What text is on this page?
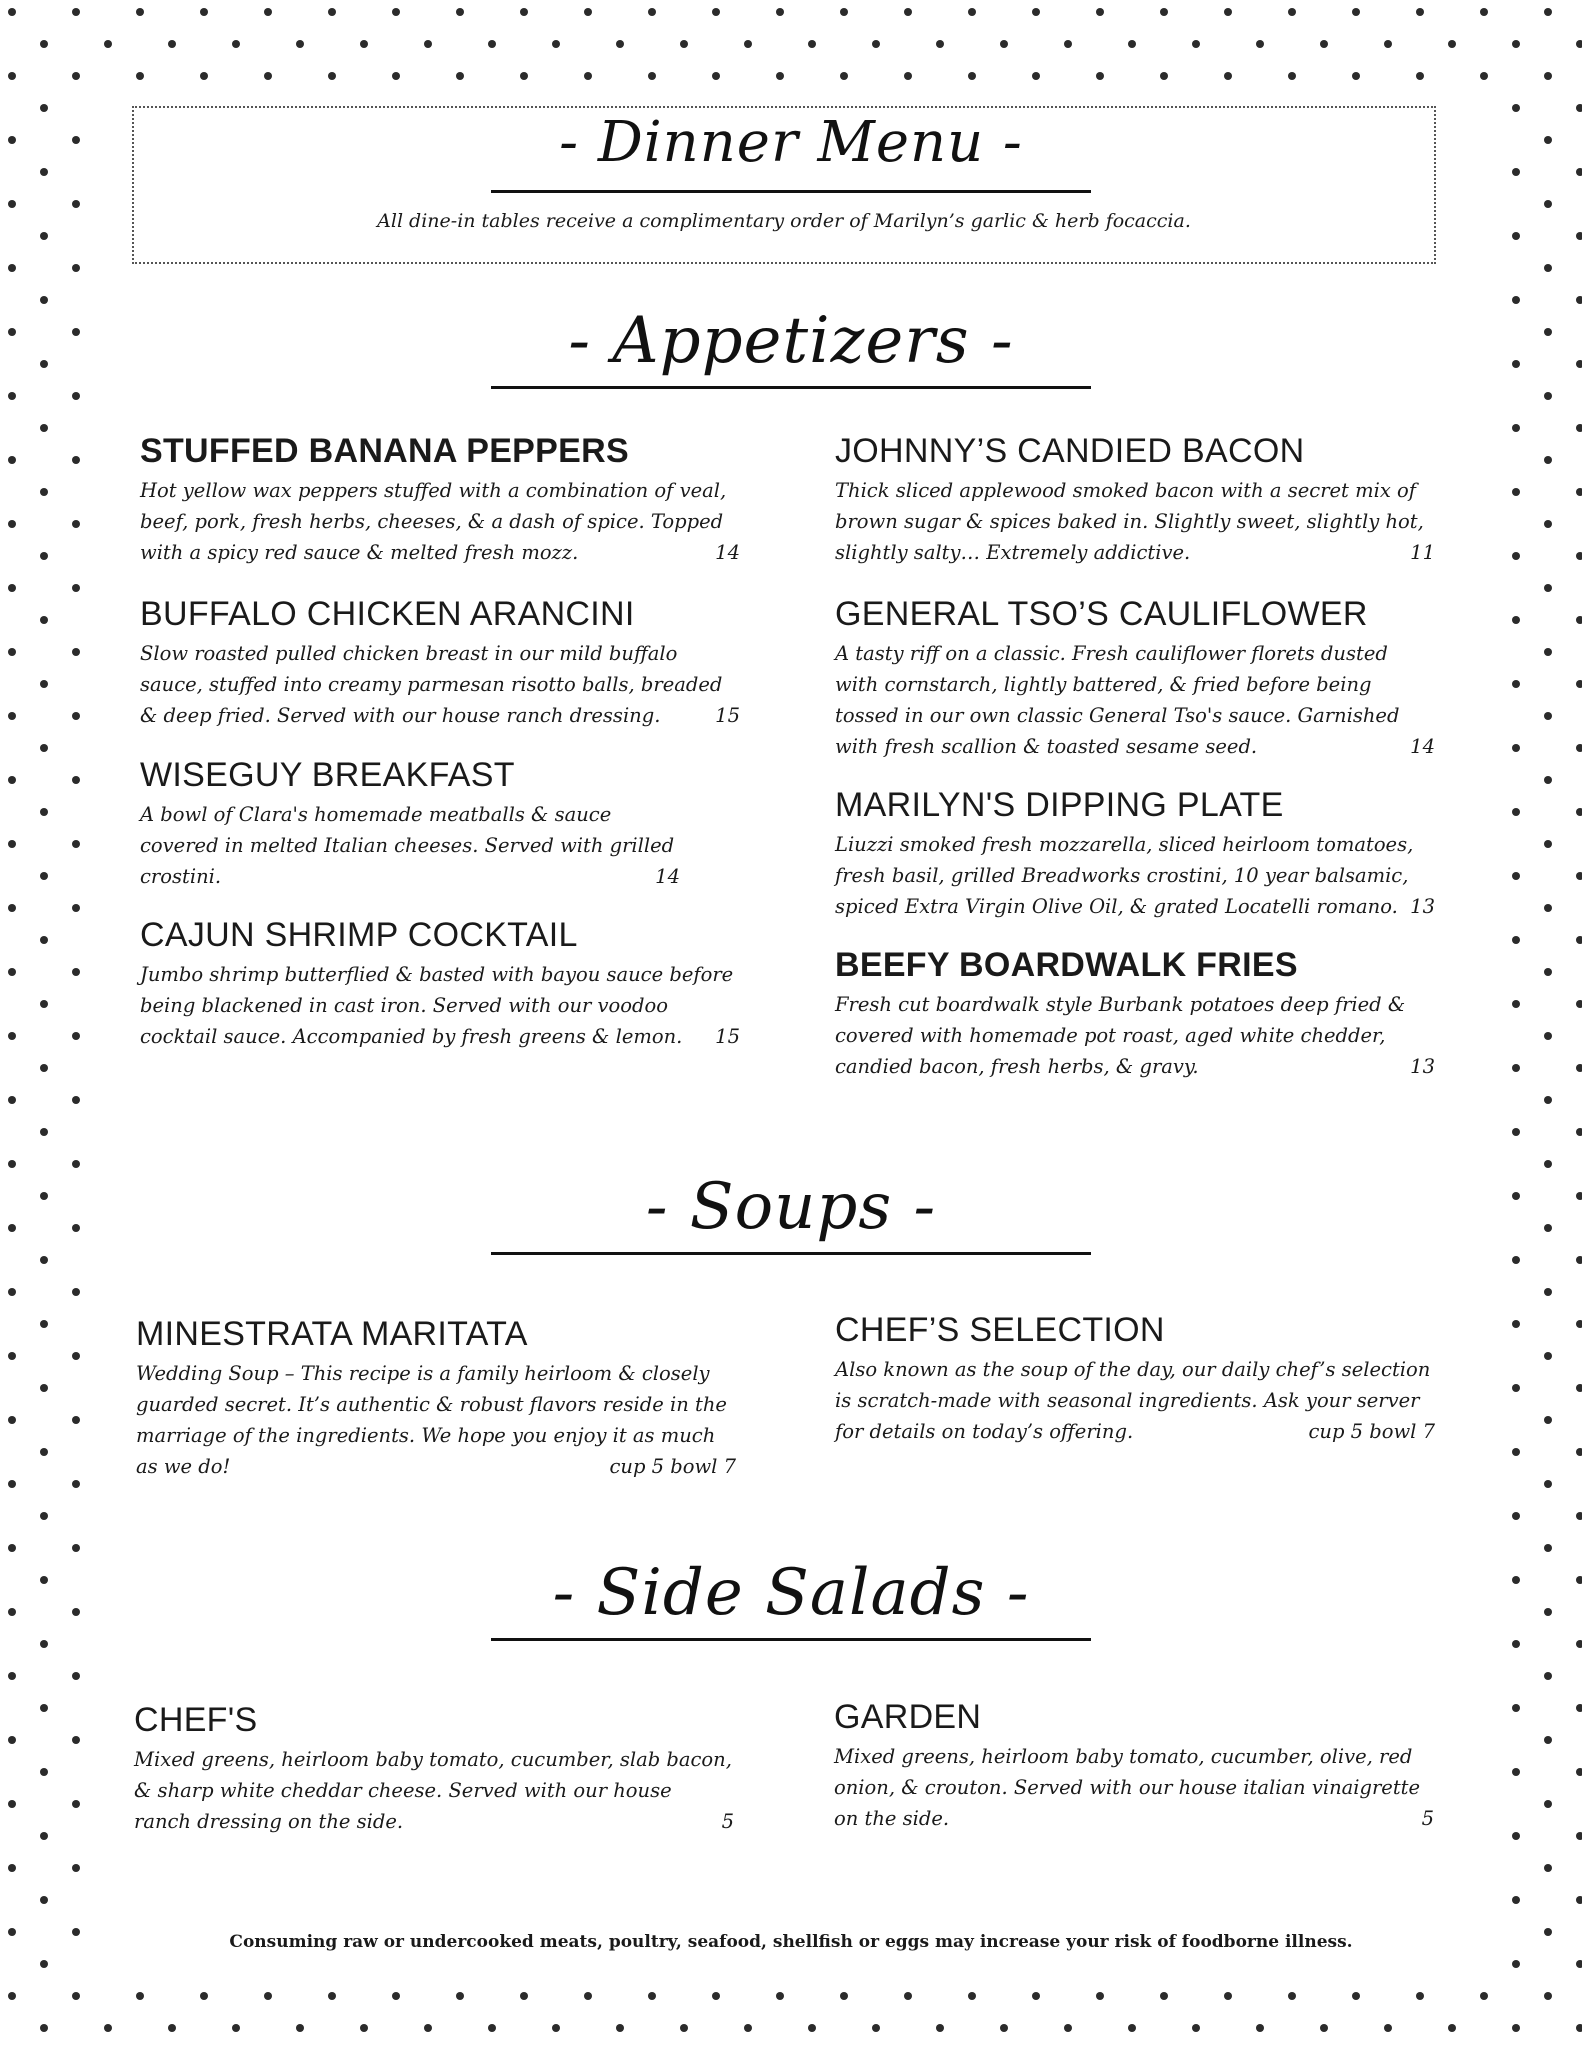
- Dinner Menu -
All dine-in tables receive a complimentary order of Marilyn’s garlic & herb focaccia.
- Appetizers -
STUFFED BANANA PEPPERS
Hot yellow wax peppers stuffed with a combination of veal, beef, pork, fresh herbs, cheeses, & a dash of spice. Topped with a spicy red sauce & melted fresh mozz.	14
BUFFALO CHICKEN ARANCINI
Slow roasted pulled chicken breast in our mild buffalo sauce, stuffed into creamy parmesan risotto balls, breaded & deep fried. Served with our house ranch dressing.	15
WISEGUY BREAKFAST
A bowl of Clara's homemade meatballs & sauce covered in melted Italian cheeses. Served with grilled crostini.	14
CAJUN SHRIMP COCKTAIL
Jumbo shrimp butterflied & basted with bayou sauce before being blackened in cast iron. Served with our voodoo cocktail sauce. Accompanied by fresh greens & lemon.	15
JOHNNY’S CANDIED BACON
Thick sliced applewood smoked bacon with a secret mix of brown sugar & spices baked in. Slightly sweet, slightly hot, slightly salty… Extremely addictive.	11
GENERAL TSO’S CAULIFLOWER
A tasty riff on a classic. Fresh cauliflower florets dusted with cornstarch, lightly battered, & fried before being tossed in our own classic General Tso's sauce. Garnished with fresh scallion & toasted sesame seed.	14
MARILYN'S DIPPING PLATE
Liuzzi smoked fresh mozzarella, sliced heirloom tomatoes, fresh basil, grilled Breadworks crostini, 10 year balsamic, spiced Extra Virgin Olive Oil, & grated Locatelli romano. 13
BEEFY BOARDWALK FRIES
Fresh cut boardwalk style Burbank potatoes deep fried & covered with homemade pot roast, aged white chedder, candied bacon, fresh herbs, & gravy.	13
- Soups -
MINESTRATA MARITATA
Wedding Soup – This recipe is a family heirloom & closely guarded secret. It’s authentic & robust flavors reside in the marriage of the ingredients. We hope you enjoy it as much as we do!	cup 5 bowl 7
CHEF’S SELECTION
Also known as the soup of the day, our daily chef’s selection is scratch-made with seasonal ingredients. Ask your server for details on today’s offering.	cup 5 bowl 7
- Side Salads -
CHEF'S
Mixed greens, heirloom baby tomato, cucumber, slab bacon, & sharp white cheddar cheese. Served with our house ranch dressing on the side.	5
GARDEN
Mixed greens, heirloom baby tomato, cucumber, olive, red onion, & crouton. Served with our house italian vinaigrette on the side.	5
Consuming raw or undercooked meats, poultry, seafood, shellfish or eggs may increase your risk of foodborne illness.
